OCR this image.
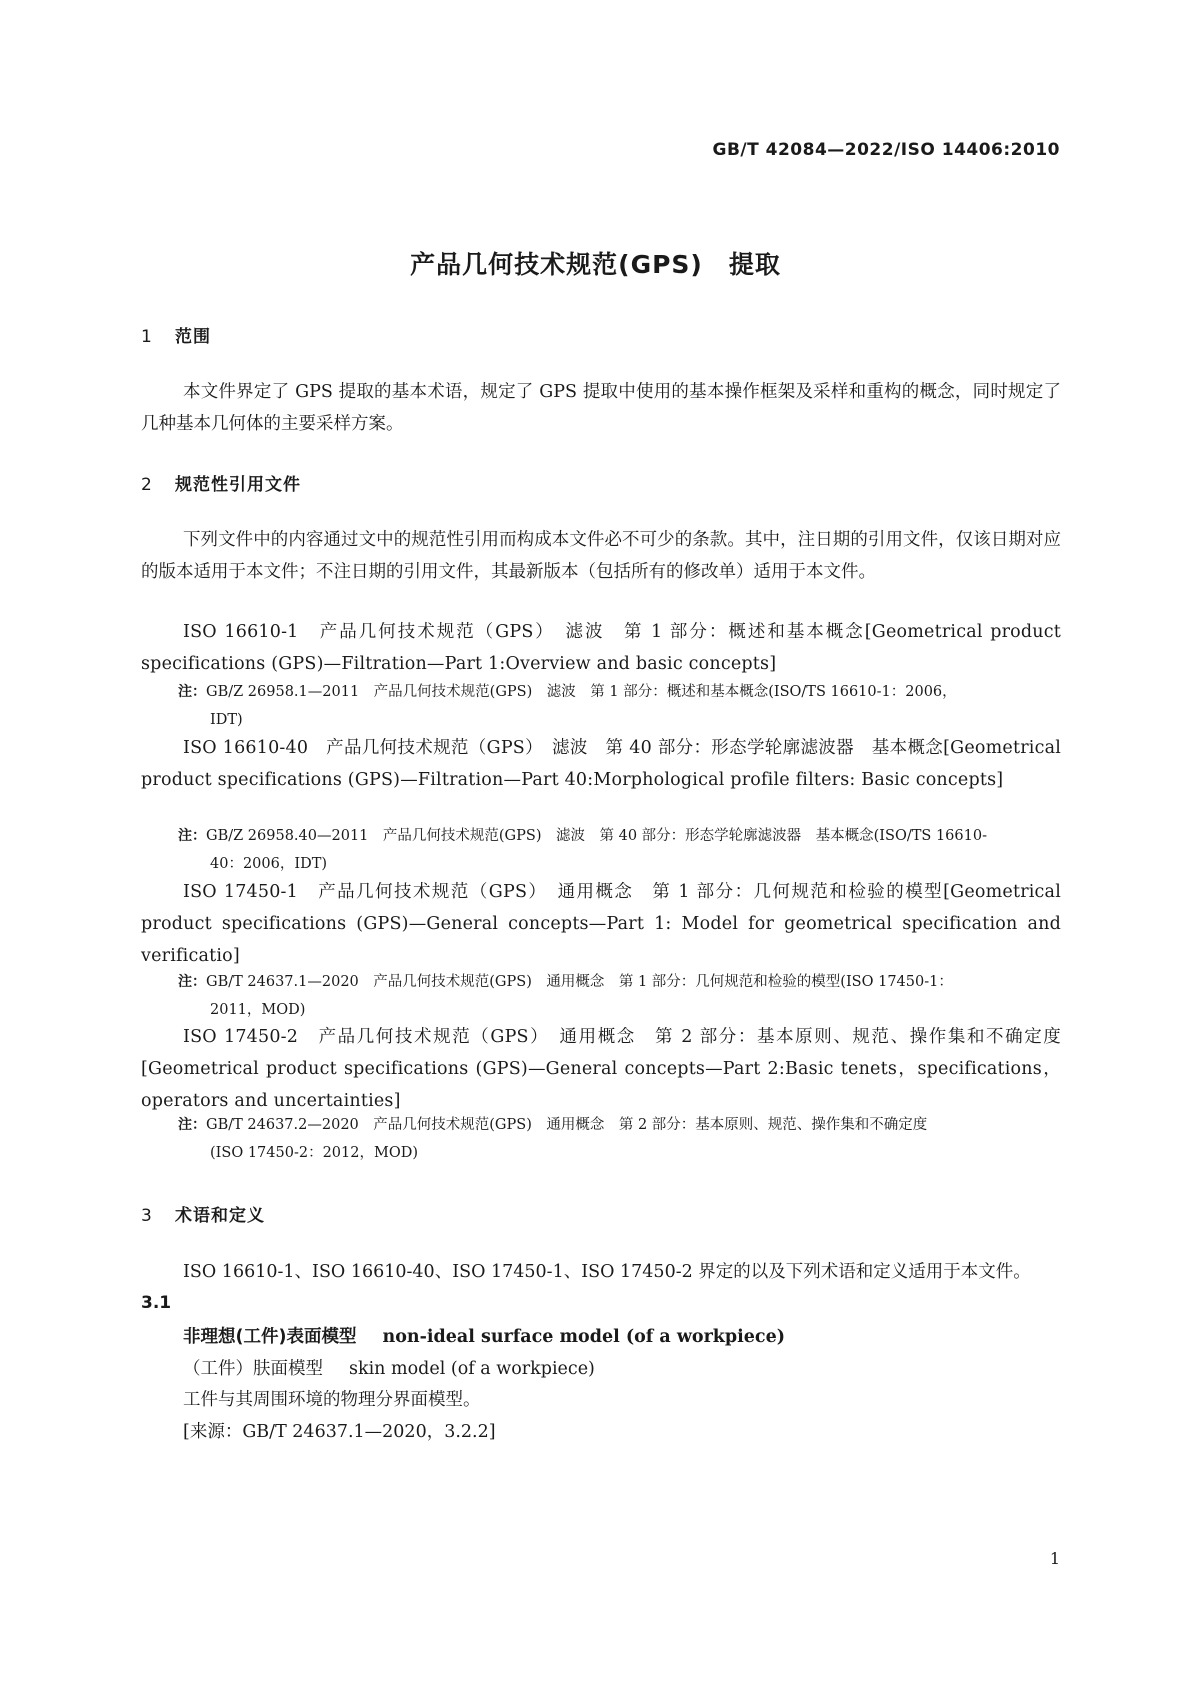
GB/T 42084—2022/ISO 14406:2010
产品几何技术规范(GPS)　提取
1 范围
本文件界定了 GPS 提取的基本术语，规定了 GPS 提取中使用的基本操作框架及采样和重构的概念，同时规定了几种基本几何体的主要采样方案。
2 规范性引用文件
下列文件中的内容通过文中的规范性引用而构成本文件必不可少的条款。其中，注日期的引用文件，仅该日期对应的版本适用于本文件；不注日期的引用文件，其最新版本（包括所有的修改单）适用于本文件。
ISO 16610-1　产品几何技术规范（GPS）　滤波　第 1 部分：概述和基本概念[Geometrical product specifications (GPS)—Filtration—Part 1:Overview and basic concepts]
注：GB/Z 26958.1—2011　产品几何技术规范(GPS)　滤波　第 1 部分：概述和基本概念(ISO/TS 16610-1：2006，
IDT)
ISO 16610-40　产品几何技术规范（GPS）　滤波　第 40 部分：形态学轮廓滤波器　基本概念[Geometrical product specifications (GPS)—Filtration—Part 40:Morphological profile filters: Basic concepts]
注：GB/Z 26958.40—2011　产品几何技术规范(GPS)　滤波　第 40 部分：形态学轮廓滤波器　基本概念(ISO/TS 16610-
40：2006，IDT)
ISO 17450-1　产品几何技术规范（GPS）　通用概念　第 1 部分：几何规范和检验的模型[Geometrical product specifications (GPS)—General concepts—Part 1: Model for geometrical specification and verificatio]
注：GB/T 24637.1—2020　产品几何技术规范(GPS)　通用概念　第 1 部分：几何规范和检验的模型(ISO 17450-1：
2011，MOD)
ISO 17450-2　产品几何技术规范（GPS）　通用概念　第 2 部分：基本原则、规范、操作集和不确定度[Geometrical product specifications (GPS)—General concepts—Part 2:Basic tenets，specifications，operators and uncertainties]
注：GB/T 24637.2—2020　产品几何技术规范(GPS)　通用概念　第 2 部分：基本原则、规范、操作集和不确定度
(ISO 17450-2：2012，MOD)
3 术语和定义
ISO 16610-1、ISO 16610-40、ISO 17450-1、ISO 17450-2 界定的以及下列术语和定义适用于本文件。
3.1
非理想(工件)表面模型 non-ideal surface model (of a workpiece)
（工件）肤面模型 skin model (of a workpiece)
工件与其周围环境的物理分界面模型。
[来源：GB/T 24637.1—2020，3.2.2]
1
